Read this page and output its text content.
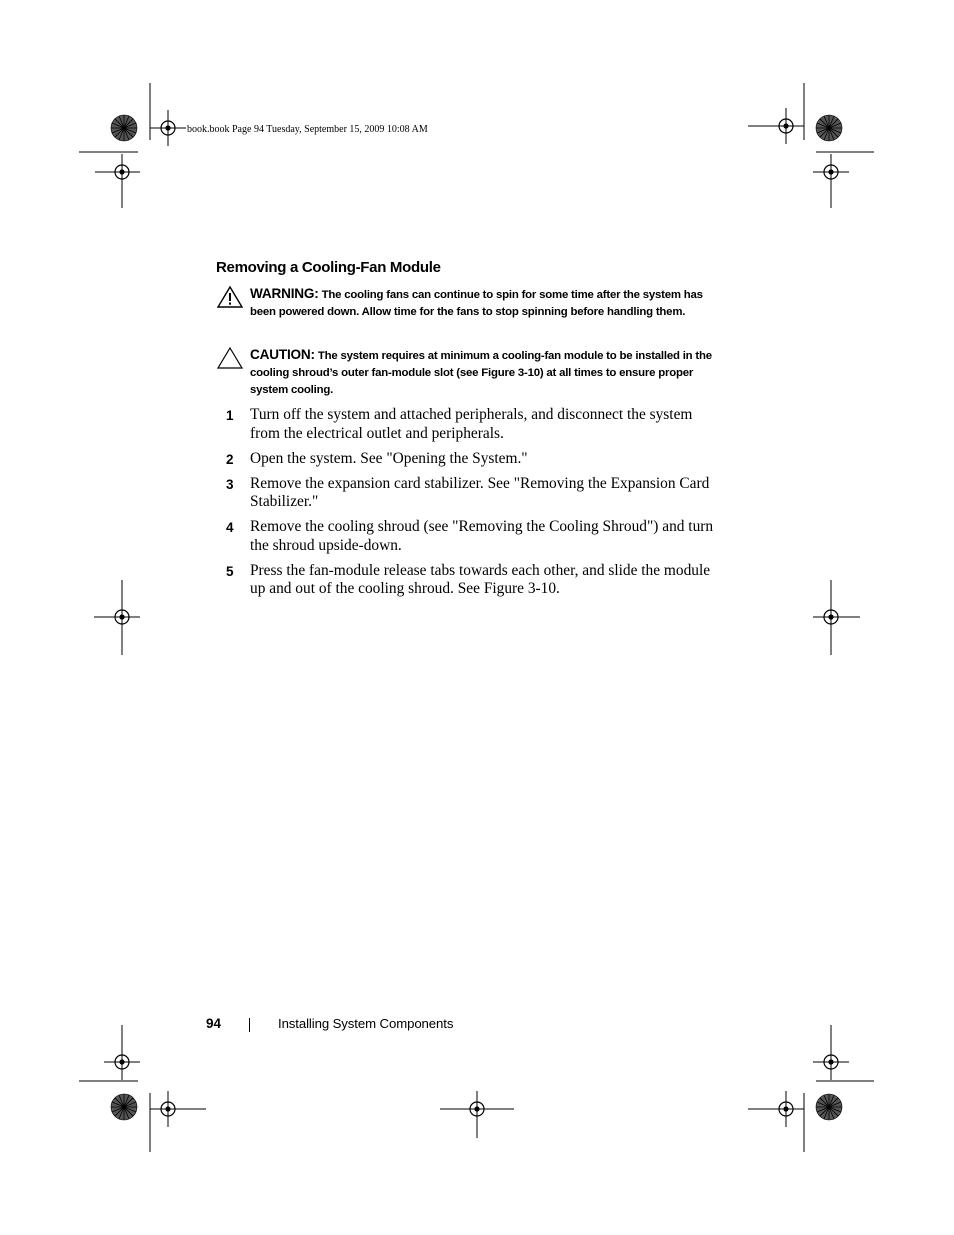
book.book Page 94 Tuesday, September 15, 2009 10:08 AM
Removing a Cooling-Fan Module
WARNING: The cooling fans can continue to spin for some time after the system has been powered down. Allow time for the fans to stop spinning before handling them.
CAUTION: The system requires at minimum a cooling-fan module to be installed in the cooling shroud’s outer fan-module slot (see Figure 3-10) at all times to ensure proper system cooling.
1 Turn off the system and attached peripherals, and disconnect the system from the electrical outlet and peripherals.
2 Open the system. See "Opening the System."
3 Remove the expansion card stabilizer. See "Removing the Expansion Card Stabilizer."
4 Remove the cooling shroud (see "Removing the Cooling Shroud") and turn the shroud upside-down.
5 Press the fan-module release tabs towards each other, and slide the module up and out of the cooling shroud. See Figure 3-10.
94	Installing System Components
